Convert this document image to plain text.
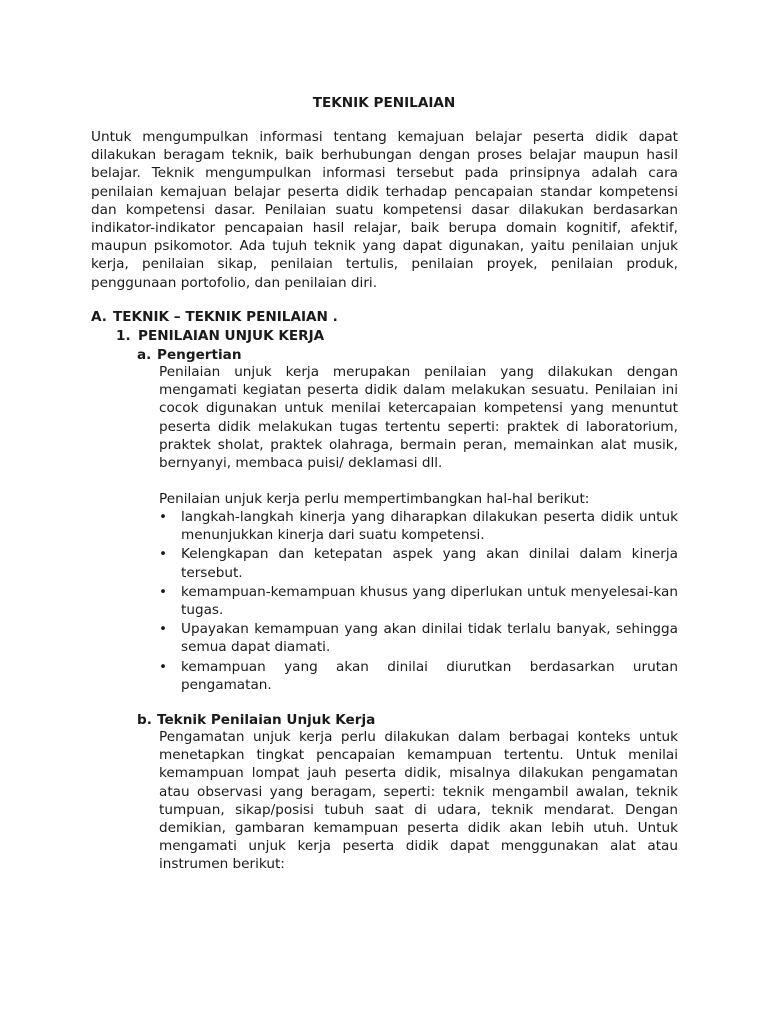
TEKNIK PENILAIAN

Untuk mengumpulkan informasi tentang kemajuan belajar peserta didik dapat dilakukan beragam teknik, baik berhubungan dengan proses belajar maupun hasil belajar. Teknik mengumpulkan informasi tersebut pada prinsipnya adalah cara penilaian kemajuan belajar peserta didik terhadap pencapaian standar kompetensi dan kompetensi dasar. Penilaian suatu kompetensi dasar dilakukan berdasarkan indikator-indikator pencapaian hasil relajar, baik berupa domain kognitif, afektif, maupun psikomotor. Ada tujuh teknik yang dapat digunakan, yaitu penilaian unjuk kerja, penilaian sikap, penilaian tertulis, penilaian proyek, penilaian produk, penggunaan portofolio, dan penilaian diri.

A. TEKNIK – TEKNIK PENILAIAN .
1. PENILAIAN UNJUK KERJA
a. Pengertian

Penilaian unjuk kerja merupakan penilaian yang dilakukan dengan mengamati kegiatan peserta didik dalam melakukan sesuatu. Penilaian ini cocok digunakan untuk menilai ketercapaian kompetensi yang menuntut peserta didik melakukan tugas tertentu seperti: praktek di laboratorium, praktek sholat, praktek olahraga, bermain peran, memainkan alat musik, bernyanyi, membaca puisi/ deklamasi dll.

Penilaian unjuk kerja perlu mempertimbangkan hal-hal berikut:

•	langkah-langkah kinerja yang diharapkan dilakukan peserta didik untuk menunjukkan kinerja dari suatu kompetensi.
•	Kelengkapan dan ketepatan aspek yang akan dinilai dalam kinerja tersebut.
•	kemampuan-kemampuan khusus yang diperlukan untuk menyelesai-kan tugas.
•	Upayakan kemampuan yang akan dinilai tidak terlalu banyak, sehingga semua dapat diamati.
•	kemampuan yang akan dinilai diurutkan berdasarkan urutan pengamatan.
b. Teknik Penilaian Unjuk Kerja

Pengamatan unjuk kerja perlu dilakukan dalam berbagai konteks untuk menetapkan tingkat pencapaian kemampuan tertentu. Untuk menilai kemampuan lompat jauh peserta didik, misalnya dilakukan pengamatan atau observasi yang beragam, seperti: teknik mengambil awalan, teknik tumpuan, sikap/posisi tubuh saat di udara, teknik mendarat. Dengan demikian, gambaran kemampuan peserta didik akan lebih utuh. Untuk mengamati unjuk kerja peserta didik dapat menggunakan alat atau instrumen berikut:
